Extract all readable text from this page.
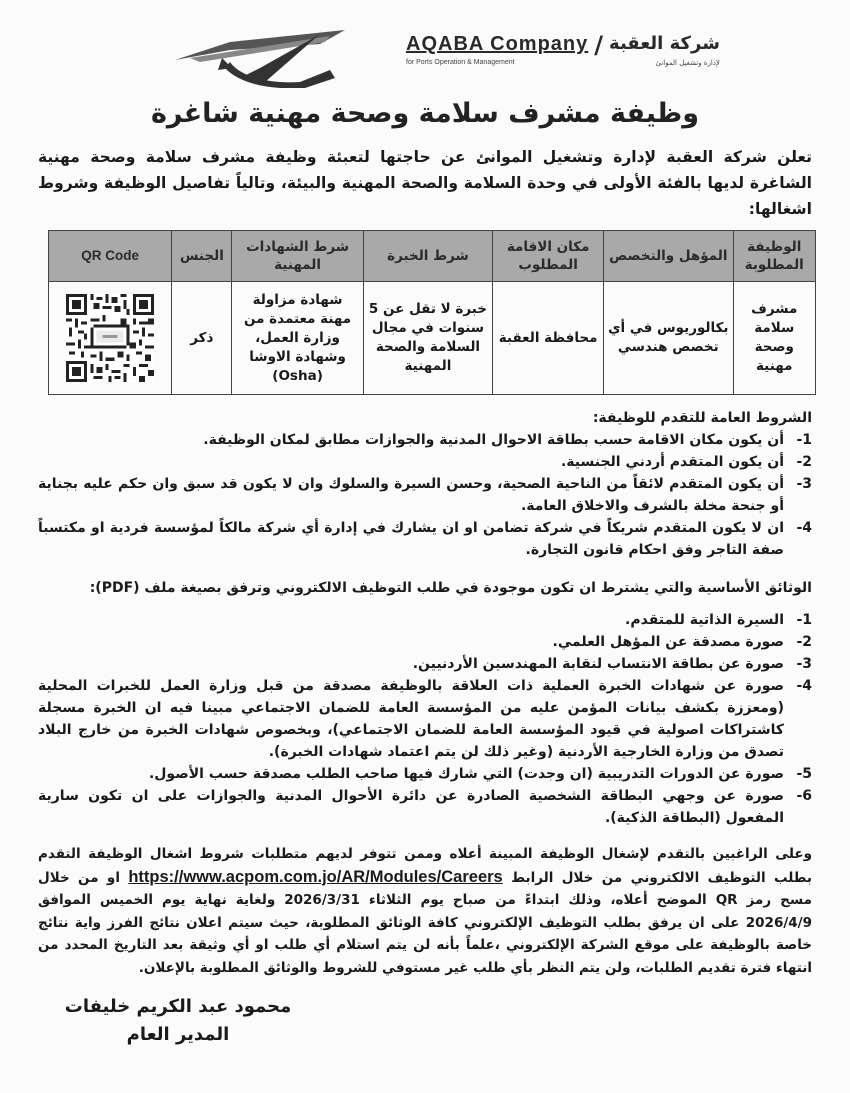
AQABA Company
for Ports Operation & Management
/ شركة العقبة
لإدارة وتشغيل الموانئ
وظيفة مشرف سلامة وصحة مهنية شاغرة
تعلن شركة العقبة لإدارة وتشغيل الموانئ عن حاجتها لتعبئة وظيفة مشرف سلامة وصحة مهنية الشاغرة لديها بالفئة الأولى في وحدة السلامة والصحة المهنية والبيئة، وتالياً تفاصيل الوظيفة وشروط اشغالها:
الوظيفة المطلوبة	المؤهل والتخصص	مكان الاقامة المطلوب	شرط الخبرة	شرط الشهادات المهنية	الجنس	QR Code
مشرف سلامة وصحة مهنية	بكالوريوس في أي تخصص هندسي	محافظة العقبة	خبرة لا تقل عن 5 سنوات في مجال السلامة والصحة المهنية	شهادة مزاولة مهنة معتمدة من وزارة العمل، وشهادة الاوشا (Osha)	ذكر	
الشروط العامة للتقدم للوظيفة:
1-
أن يكون مكان الاقامة حسب بطاقة الاحوال المدنية والجوازات مطابق لمكان الوظيفة.
2-
أن يكون المتقدم أردني الجنسية.
3-
أن يكون المتقدم لائقاً من الناحية الصحية، وحسن السيرة والسلوك وان لا يكون قد سبق وان حكم عليه بجناية أو جنحة مخلة بالشرف والاخلاق العامة.
4-
ان لا يكون المتقدم شريكاً في شركة تضامن او ان يشارك في إدارة أي شركة مالكاً لمؤسسة فردية او مكتسباً صفة التاجر وفق احكام قانون التجارة.
الوثائق الأساسية والتي يشترط ان تكون موجودة في طلب التوظيف الالكتروني وترفق بصيغة ملف (PDF):
1-
السيرة الذاتية للمتقدم.
2-
صورة مصدقة عن المؤهل العلمي.
3-
صورة عن بطاقة الانتساب لنقابة المهندسين الأردنيين.
4-
صورة عن شهادات الخبرة العملية ذات العلاقة بالوظيفة مصدقة من قبل وزارة العمل للخبرات المحلية (ومعززة بكشف بيانات المؤمن عليه من المؤسسة العامة للضمان الاجتماعي مبينا فيه ان الخبرة مسجلة كاشتراكات اصولية في قيود المؤسسة العامة للضمان الاجتماعي)، وبخصوص شهادات الخبرة من خارج البلاد تصدق من وزارة الخارجية الأردنية (وغير ذلك لن يتم اعتماد شهادات الخبرة).
5-
صورة عن الدورات التدريبية (ان وجدت) التي شارك فيها صاحب الطلب مصدقة حسب الأصول.
6-
صورة عن وجهي البطاقة الشخصية الصادرة عن دائرة الأحوال المدنية والجوازات على ان تكون سارية المفعول (البطاقة الذكية).
وعلى الراغبين بالتقدم لإشغال الوظيفة المبينة أعلاه وممن تتوفر لديهم متطلبات شروط اشغال الوظيفة التقدم بطلب التوظيف الالكتروني من خلال الرابط https://www.acpom.com.jo/AR/Modules/Careers او من خلال مسح رمز QR الموضح أعلاه، وذلك ابتداءً من صباح يوم الثلاثاء 2026/3/31 ولغاية نهاية يوم الخميس الموافق 2026/4/9 على ان يرفق بطلب التوظيف الإلكتروني كافة الوثائق المطلوبة، حيث سيتم اعلان نتائج الفرز واية نتائج خاصة بالوظيفة على موقع الشركة الإلكتروني ،علماً بأنه لن يتم استلام أي طلب او أي وثيقة بعد التاريخ المحدد من انتهاء فترة تقديم الطلبات، ولن يتم النظر بأي طلب غير مستوفي للشروط والوثائق المطلوبة بالإعلان.
محمود عبد الكريم خليفات
المدير العام
